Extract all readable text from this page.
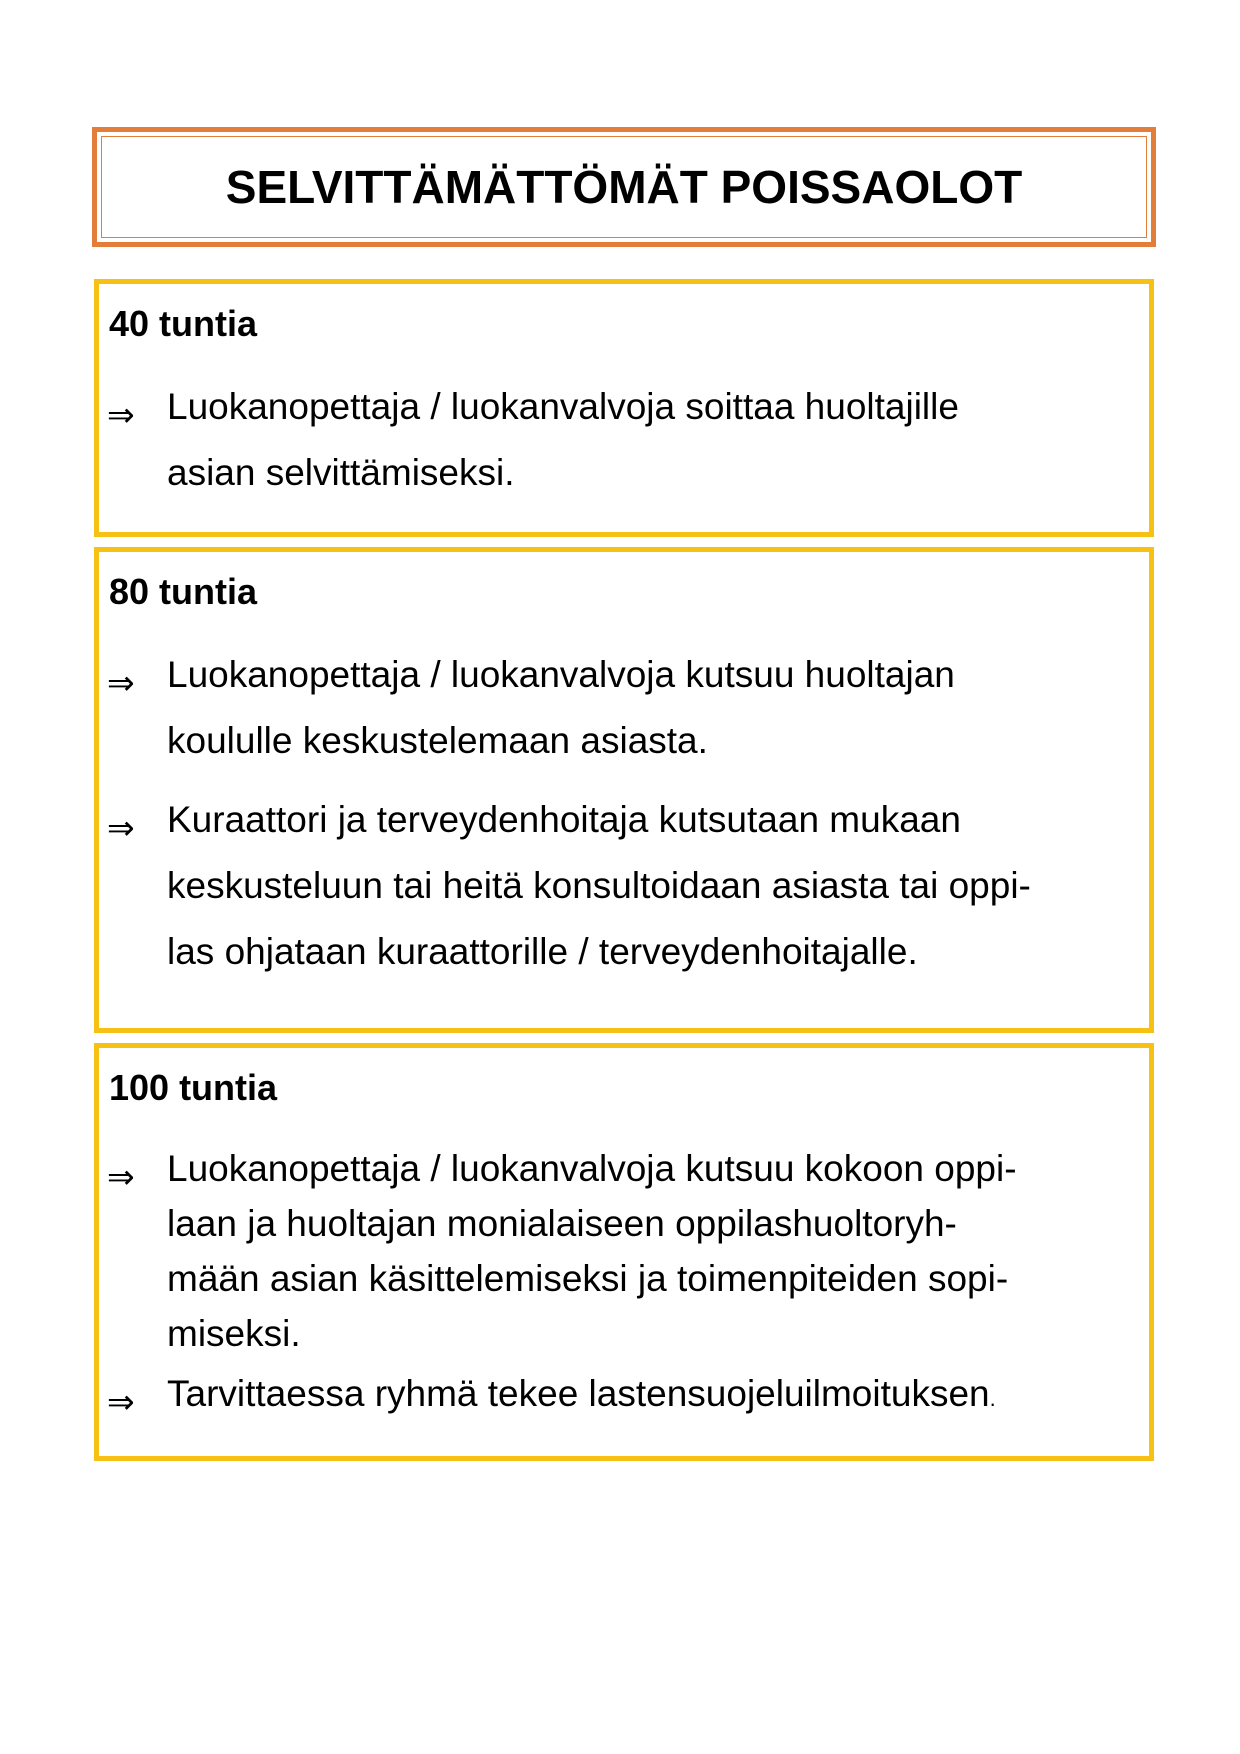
SELVITTÄMÄTTÖMÄT POISSAOLOT
40 tuntia
⇒ Luokanopettaja / luokanvalvoja soittaa huoltajille
asian selvittämiseksi.
80 tuntia
⇒ Luokanopettaja / luokanvalvoja kutsuu huoltajan
koululle keskustelemaan asiasta.
⇒ Kuraattori ja terveydenhoitaja kutsutaan mukaan
keskusteluun tai heitä konsultoidaan asiasta tai oppi-
las ohjataan kuraattorille / terveydenhoitajalle.
100 tuntia
⇒ Luokanopettaja / luokanvalvoja kutsuu kokoon oppi-
laan ja huoltajan monialaiseen oppilashuoltoryh-
mään asian käsittelemiseksi ja toimenpiteiden sopi-
miseksi.
⇒ Tarvittaessa ryhmä tekee lastensuojeluilmoituksen.
